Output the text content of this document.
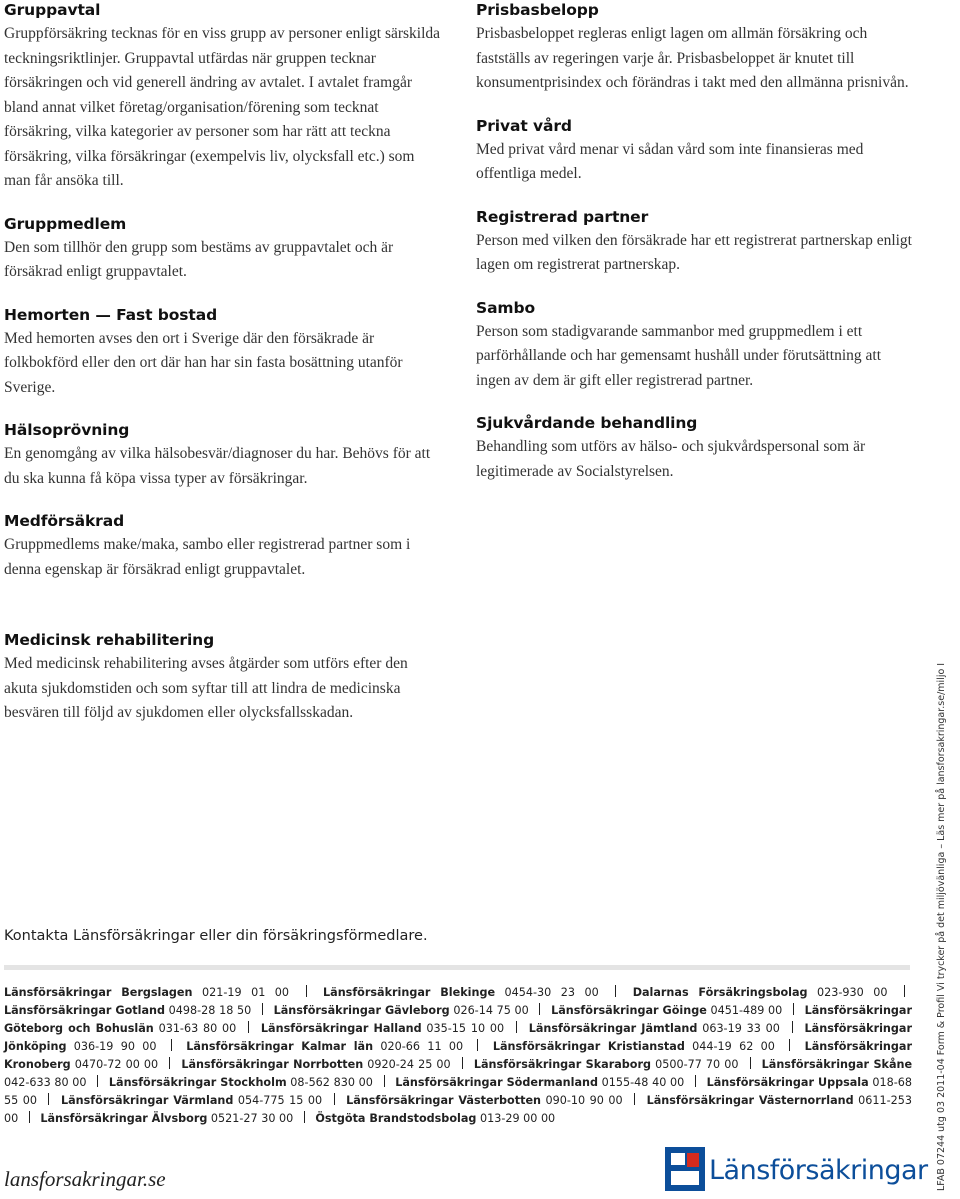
Gruppavtal

Gruppförsäkring tecknas för en viss grupp av personer enligt särskilda teckningsriktlinjer. Gruppavtal utfärdas när gruppen tecknar försäkringen och vid generell ändring av avtalet. I avtalet framgår bland annat vilket företag/organisation/förening som tecknat försäkring, vilka kategorier av personer som har rätt att teckna försäkring, vilka försäkringar (exempelvis liv, olycksfall etc.) som man får ansöka till.

Gruppmedlem

Den som tillhör den grupp som bestäms av gruppavtalet och är försäkrad enligt gruppavtalet.

Hemorten — Fast bostad

Med hemorten avses den ort i Sverige där den försäkrade är folkbokförd eller den ort där han har sin fasta bosättning utanför Sverige.

Hälsoprövning

En genomgång av vilka hälsobesvär/diagnoser du har. Behövs för att du ska kunna få köpa vissa typer av försäkringar.

Medförsäkrad

Gruppmedlems make/maka, sambo eller registrerad partner som i denna egenskap är försäkrad enligt gruppavtalet.

Medicinsk rehabilitering

Med medicinsk rehabilitering avses åtgärder som utförs efter den akuta sjukdomstiden och som syftar till att lindra de medicinska besvären till följd av sjukdomen eller olycksfallsskadan.

Prisbasbelopp

Prisbasbeloppet regleras enligt lagen om allmän försäkring och fastställs av regeringen varje år. Prisbasbeloppet är knutet till konsumentprisindex och förändras i takt med den allmänna prisnivån.

Privat vård

Med privat vård menar vi sådan vård som inte finansieras med offentliga medel.

Registrerad partner

Person med vilken den försäkrade har ett registrerat partnerskap enligt lagen om registrerat partnerskap.

Sambo

Person som stadigvarande sammanbor med gruppmedlem i ett parförhållande och har gemensamt hushåll under förutsättning att ingen av dem är gift eller registrerad partner.

Sjukvårdande behandling

Behandling som utförs av hälso- och sjukvårdspersonal som är legitimerade av Socialstyrelsen.

Kontakta Länsförsäkringar eller din försäkringsförmedlare.
Länsförsäkringar Bergslagen 021-19 01 00	Länsförsäkringar Blekinge 0454-30 23 00	Dalarnas Försäkringsbolag 023-930 00  Länsförsäkringar Gotland 0498-28 18 50 Länsförsäkringar Gävleborg 026-14 75 00 Länsförsäkringar Göinge 0451-489 00 Länsförsäkringar Göteborg och Bohuslän 031-63 80 00 Länsförsäkringar Halland 035-15 10 00 Länsförsäkringar Jämtland 063-19 33 00 Länsförsäkringar Jönköping 036-19 90 00	Länsförsäkringar Kalmar län 020-66 11 00	Länsförsäkringar Kristianstad 044-19 62 00	Länsförsäkringar Kronoberg 0470-72 00 00 Länsförsäkringar Norrbotten 0920-24 25 00 Länsförsäkringar Skaraborg 0500-77 70 00 Länsförsäkringar Skåne 042-633 80 00 Länsförsäkringar Stockholm 08-562 830 00 Länsförsäkringar Södermanland 0155-48 40 00 Länsförsäkringar Uppsala 018-68 55 00 Länsförsäkringar Värmland 054-775 15 00 Länsförsäkringar Västerbotten 090-10 90 00 Länsförsäkringar Västernorrland 0611-253 00 Länsförsäkringar Älvsborg 0521-27 30 00 Östgöta Brandstodsbolag 013-29 00 00
lansforsakringar.se	Länsförsäkringar LFAB 07244 utg 03 2011-04 Form & Profil Vi trycker på det miljövänliga – Läs mer på lansforsakringar.se/miljo I
